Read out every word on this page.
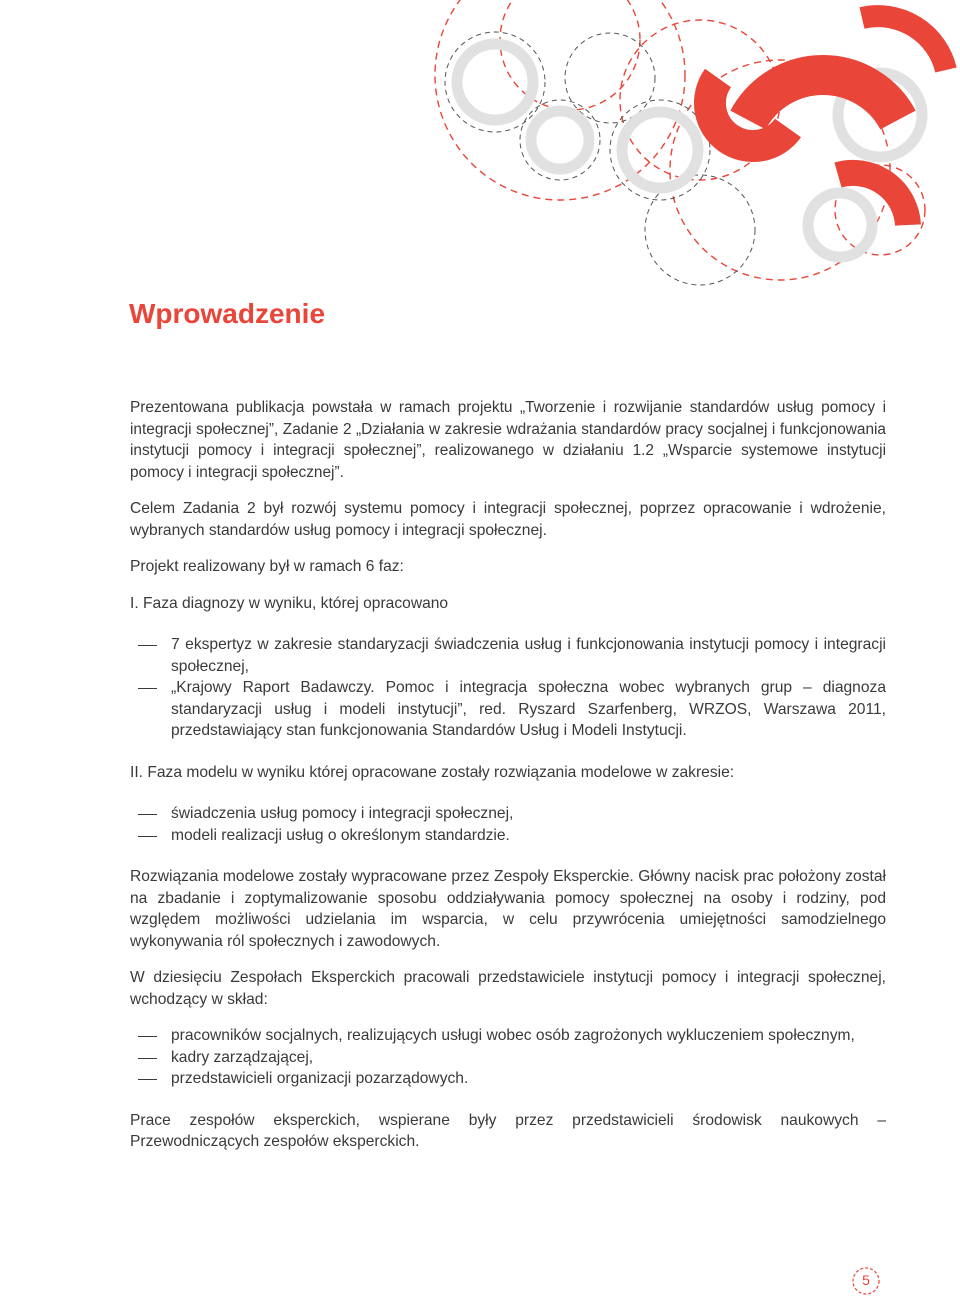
Wprowadzenie

Prezentowana publikacja powstała w ramach projektu „Tworzenie i rozwijanie standardów usług pomocy i integracji społecznej”, Zadanie 2 „Działania w zakresie wdrażania standardów pracy socjalnej i funkcjonowania instytucji pomocy i integracji społecznej”, realizowanego w działaniu 1.2 „Wsparcie systemowe instytucji pomocy i integracji społecznej”.

Celem Zadania 2 był rozwój systemu pomocy i integracji społecznej, poprzez opracowanie i wdrożenie, wybranych standardów usług pomocy i integracji społecznej.

Projekt realizowany był w ramach 6 faz:

I. Faza diagnozy w wyniku, której opracowano

7 ekspertyz w zakresie standaryzacji świadczenia usług i funkcjonowania instytucji pomocy i integracji społecznej,
„Krajowy Raport Badawczy. Pomoc i integracja społeczna wobec wybranych grup – diagnoza standaryzacji usług i modeli instytucji”, red. Ryszard Szarfenberg, WRZOS, Warszawa 2011, przedstawiający stan funkcjonowania Standardów Usług i Modeli Instytucji.

II. Faza modelu w wyniku której opracowane zostały rozwiązania modelowe w zakresie:

świadczenia usług pomocy i integracji społecznej,
modeli realizacji usług o określonym standardzie.

Rozwiązania modelowe zostały wypracowane przez Zespoły Eksperckie. Główny nacisk prac położony został na zbadanie i zoptymalizowanie sposobu oddziaływania pomocy społecznej na osoby i rodziny, pod względem możliwości udzielania im wsparcia, w celu przywrócenia umiejętności samodzielnego wykonywania ról społecznych i zawodowych.

W dziesięciu Zespołach Eksperckich pracowali przedstawiciele instytucji pomocy i integracji społecznej, wchodzący w skład:

pracowników socjalnych, realizujących usługi wobec osób zagrożonych wykluczeniem społecznym,
kadry zarządzającej,
przedstawicieli organizacji pozarządowych.

Prace zespołów eksperckich, wspierane były przez przedstawicieli środowisk naukowych – Przewodniczących zespołów eksperckich.

5
